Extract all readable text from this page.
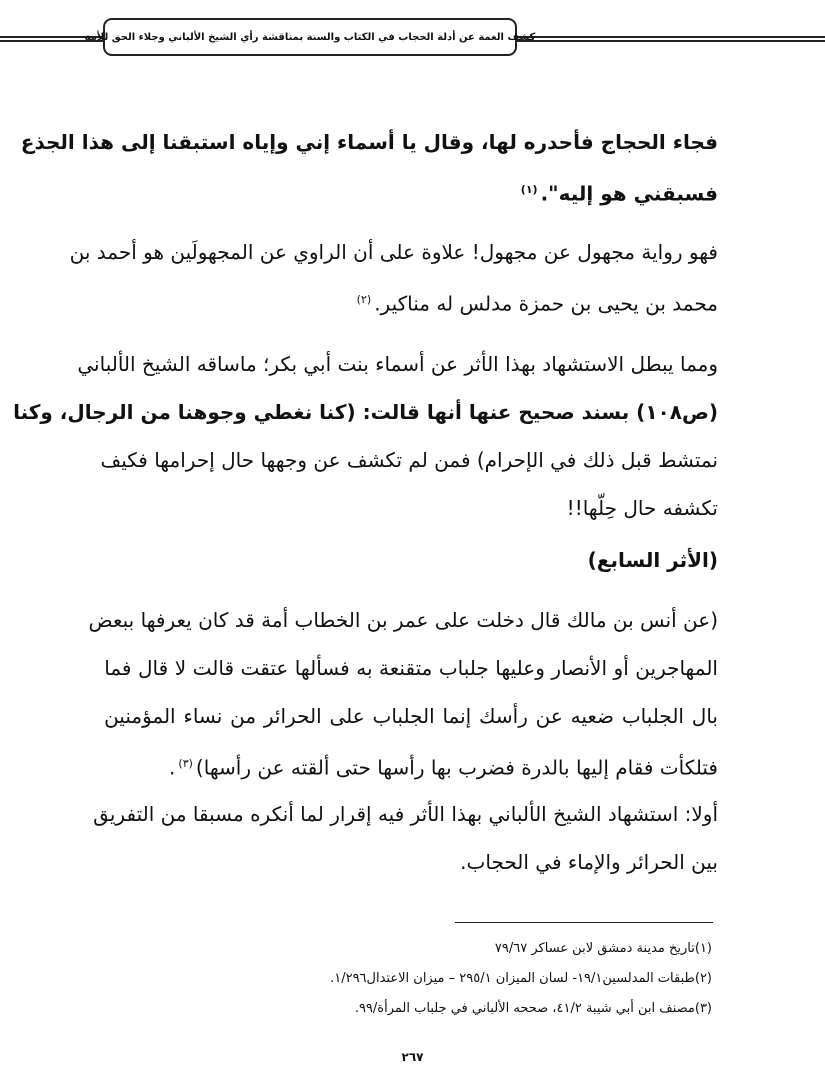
كشف الغمة عن أدلة الحجاب في الكتاب والسنة بمناقشة رأي الشيخ الألباني وجلاء الحق للأمة

فجاء الحجاج فأحدره لها، وقال يا أسماء إني وإياه استبقنا إلى هذا الجذع
فسبقني هو إليه".$^{(١)}$

فهو رواية مجهول عن مجهول! علاوة على أن الراوي عن المجهولَين هو أحمد بن
محمد بن يحيى بن حمزة مدلس له مناكير.$^{(٢)}$

ومما يبطل الاستشهاد بهذا الأثر عن أسماء بنت أبي بكر؛ ماساقه الشيخ الألباني
(ص١٠٨) بسند صحيح عنها أنها قالت: (كنا نغطي وجوهنا من الرجال، وكنا
نمتشط قبل ذلك في الإحرام) فمن لم تكشف عن وجهها حال إحرامها فكيف
تكشفه حال حِلّها!!

(الأثر السابع)

(عن أنس بن مالك قال دخلت على عمر بن الخطاب أمة قد كان يعرفها ببعض
المهاجرين أو الأنصار وعليها جلباب متقنعة به فسألها عتقت قالت لا قال فما
بال الجلباب ضعيه عن رأسك إنما الجلباب على الحرائر من نساء المؤمنين
فتلكأت فقام إليها بالدرة فضرب بها رأسها حتى ألقته عن رأسها)$^{(٣)}$.

أولا: استشهاد الشيخ الألباني بهذا الأثر فيه إقرار لما أنكره مسبقا من التفريق
بين الحرائر والإماء في الحجاب.

(١)تاريخ مدينة دمشق لابن عساكر ٧٩/٦٧
(٢)طبقات المدلسين١٩/١- لسان الميزان ٢٩٥/١ – ميزان الاعتدال١/٢٩٦.
(٣)مصنف ابن أبي شيبة ٤١/٢، صححه الألباني في جلباب المرأة/٩٩.
٢٦٧
